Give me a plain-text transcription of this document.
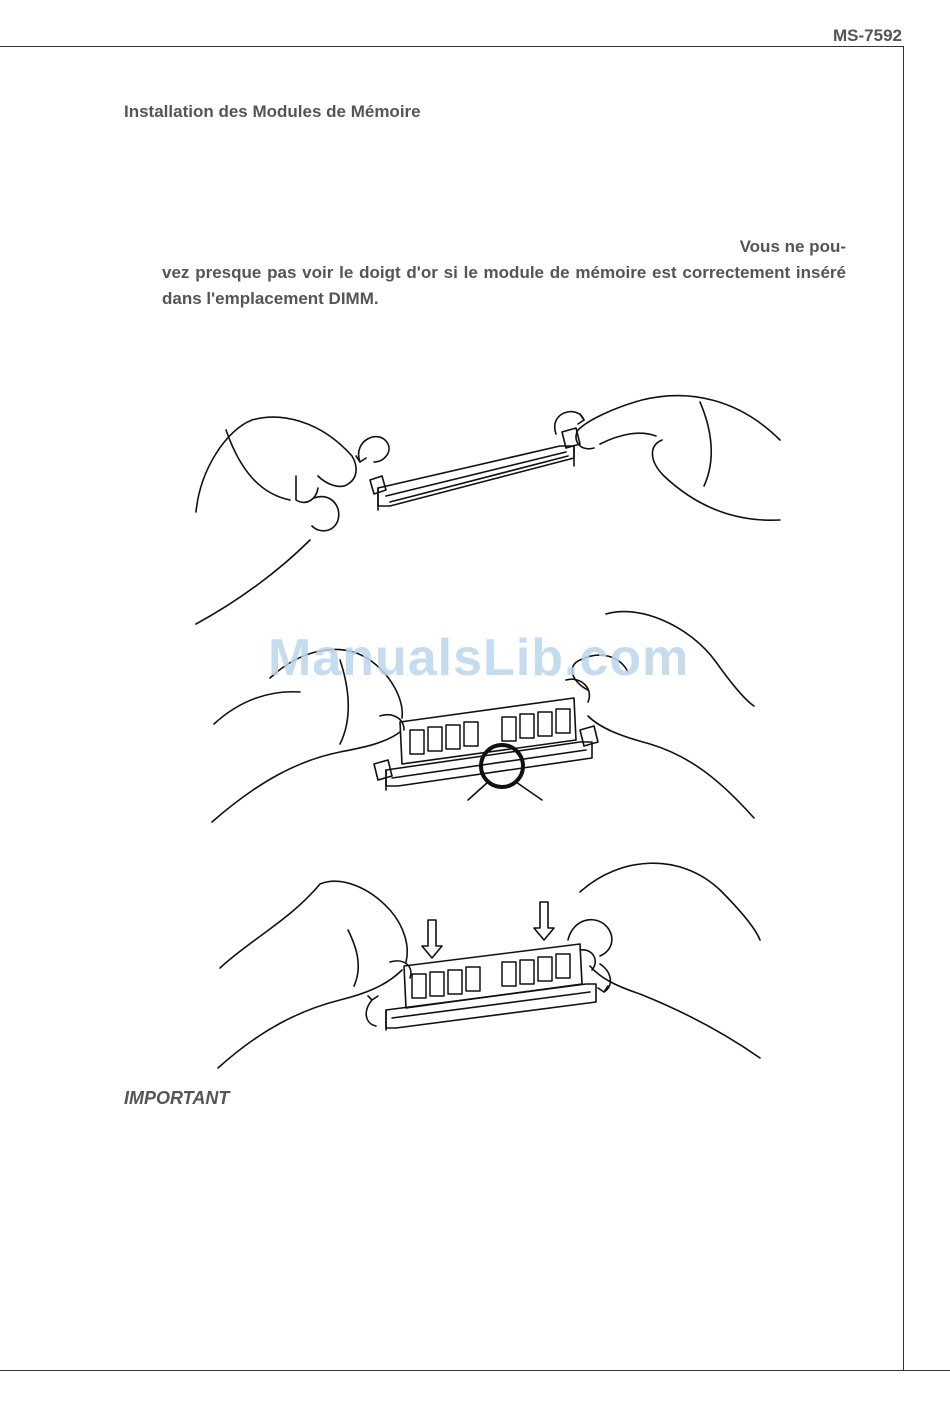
MS-7592
Installation des Modules de Mémoire
Vous ne pou-
vez presque pas voir le doigt d'or si le module de mémoire est correctement inséré dans l'emplacement DIMM.
ManualsLib.com
IMPORTANT
